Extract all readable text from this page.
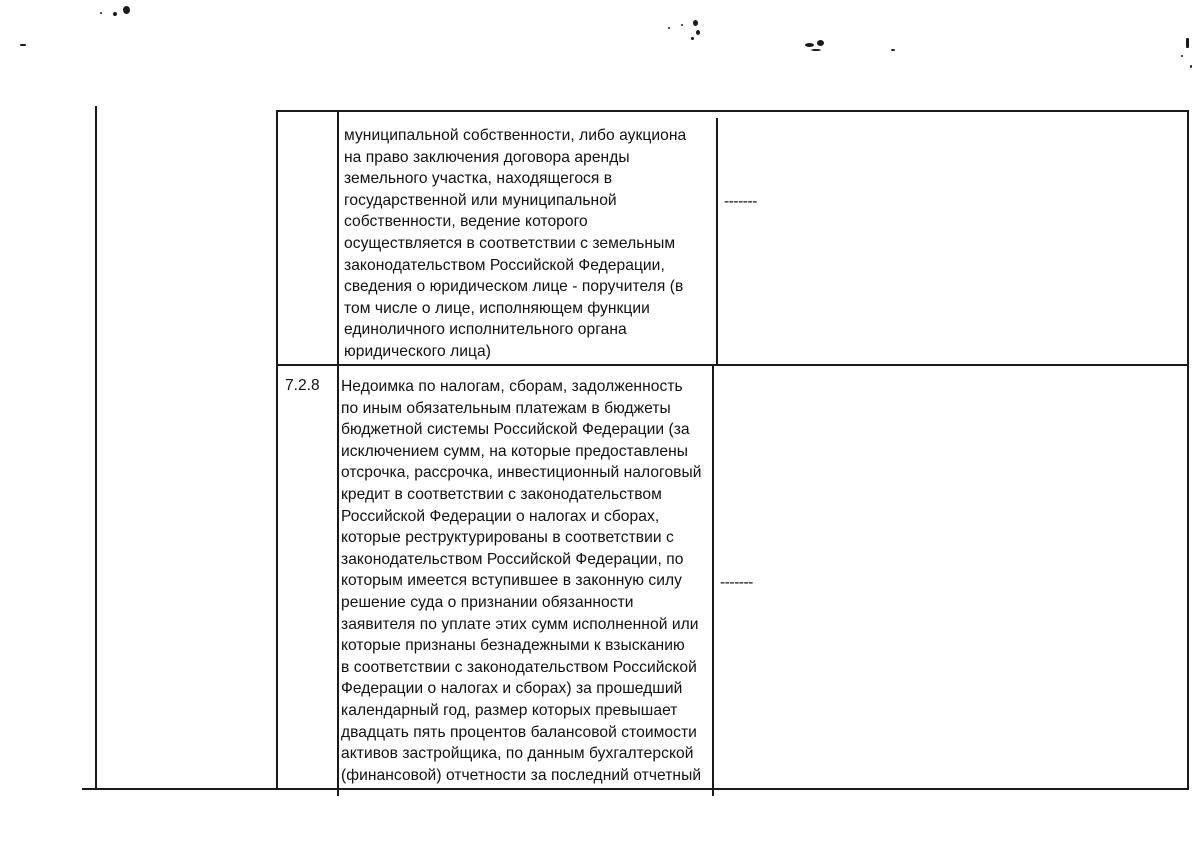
муниципальной собственности, либо аукциона
на право заключения договора аренды
земельного участка, находящегося в
государственной или муниципальной
собственности, ведение которого
осуществляется в соответствии с земельным
законодательством Российской Федерации,
сведения о юридическом лице - поручителя (в
том числе о лице, исполняющем функции
единоличного исполнительного органа
юридического лица)
-------
7.2.8 Недоимка по налогам, сборам, задолженность
по иным обязательным платежам в бюджеты
бюджетной системы Российской Федерации (за
исключением сумм, на которые предоставлены
отсрочка, рассрочка, инвестиционный налоговый
кредит в соответствии с законодательством
Российской Федерации о налогах и сборах,
которые реструктурированы в соответствии с
законодательством Российской Федерации, по
которым имеется вступившее в законную силу
решение суда о признании обязанности
заявителя по уплате этих сумм исполненной или
которые признаны безнадежными к взысканию
в соответствии с законодательством Российской
Федерации о налогах и сборах) за прошедший
календарный год, размер которых превышает
двадцать пять процентов балансовой стоимости
активов застройщика, по данным бухгалтерской
(финансовой) отчетности за последний отчетный
-------
